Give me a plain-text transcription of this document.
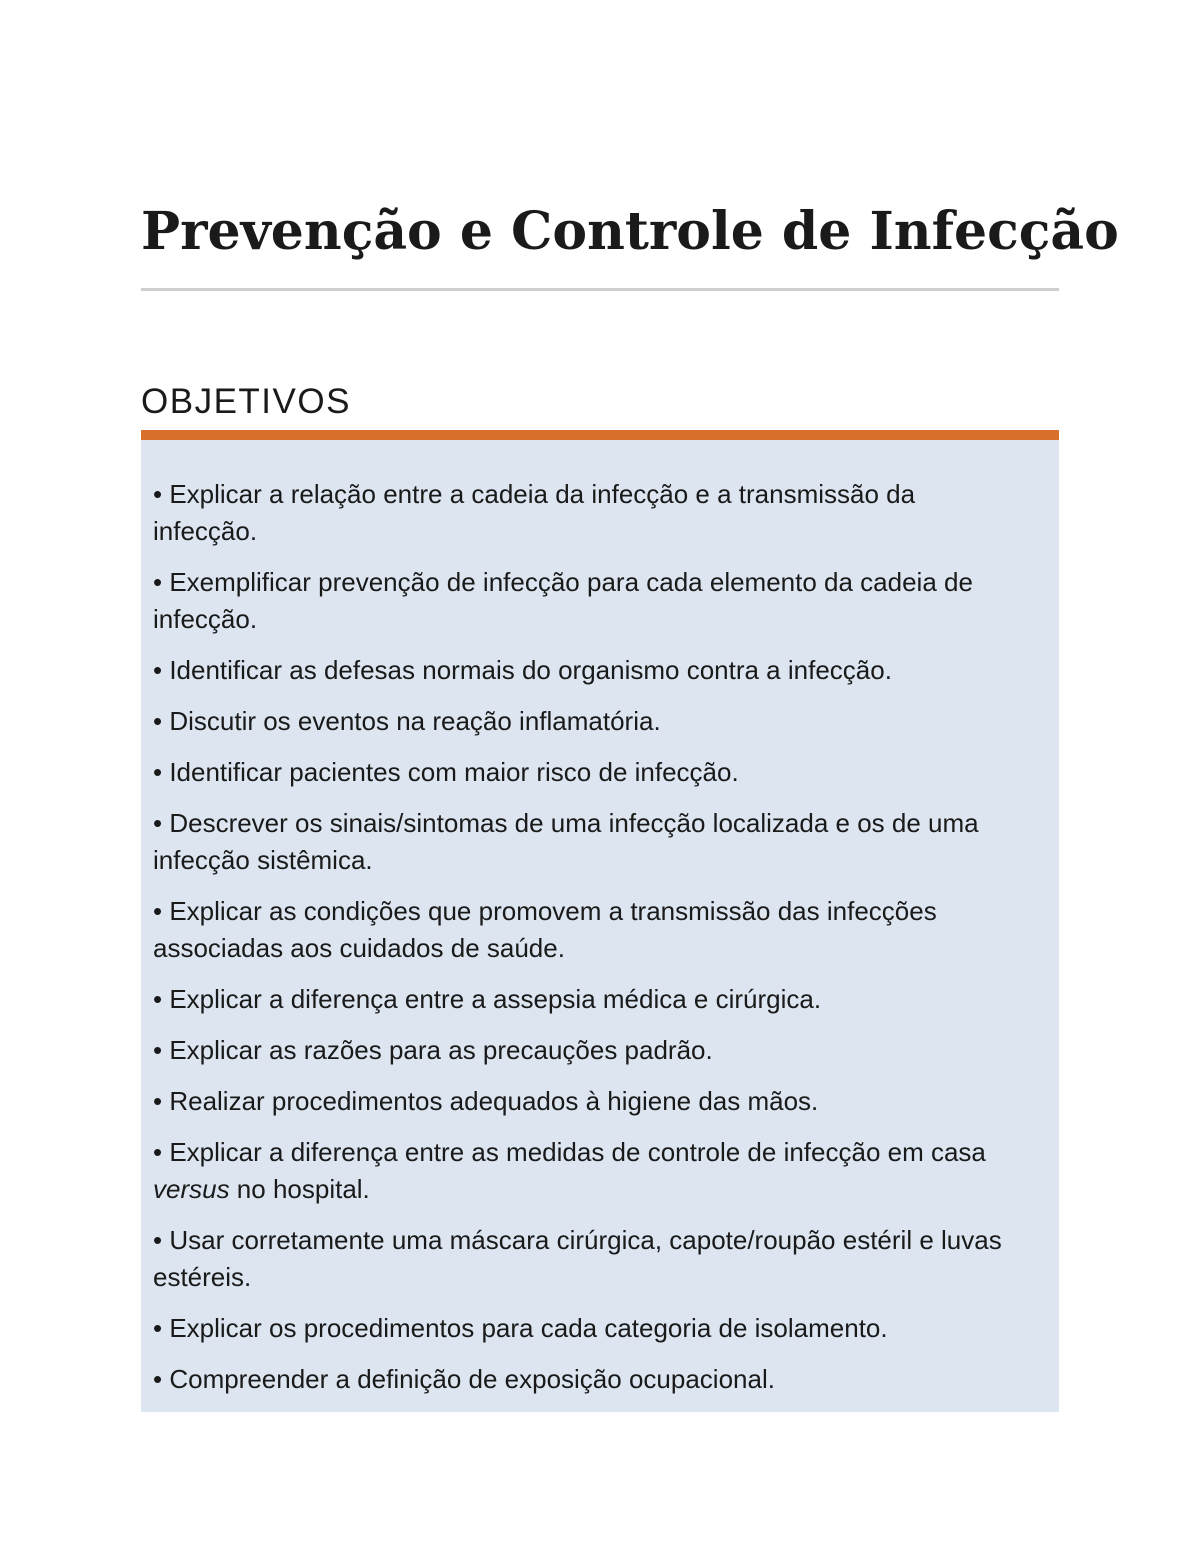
Prevenção e Controle de Infecção
OBJETIVOS
• Explicar a relação entre a cadeia da infecção e a transmissão da infecção.
• Exemplificar prevenção de infecção para cada elemento da cadeia de infecção.
• Identificar as defesas normais do organismo contra a infecção.
• Discutir os eventos na reação inflamatória.
• Identificar pacientes com maior risco de infecção.
• Descrever os sinais/sintomas de uma infecção localizada e os de uma infecção sistêmica.
• Explicar as condições que promovem a transmissão das infecções associadas aos cuidados de saúde.
• Explicar a diferença entre a assepsia médica e cirúrgica.
• Explicar as razões para as precauções padrão.
• Realizar procedimentos adequados à higiene das mãos.
• Explicar a diferença entre as medidas de controle de infecção em casa versus no hospital.
• Usar corretamente uma máscara cirúrgica, capote/roupão estéril e luvas estéreis.
• Explicar os procedimentos para cada categoria de isolamento.
• Compreender a definição de exposição ocupacional.
